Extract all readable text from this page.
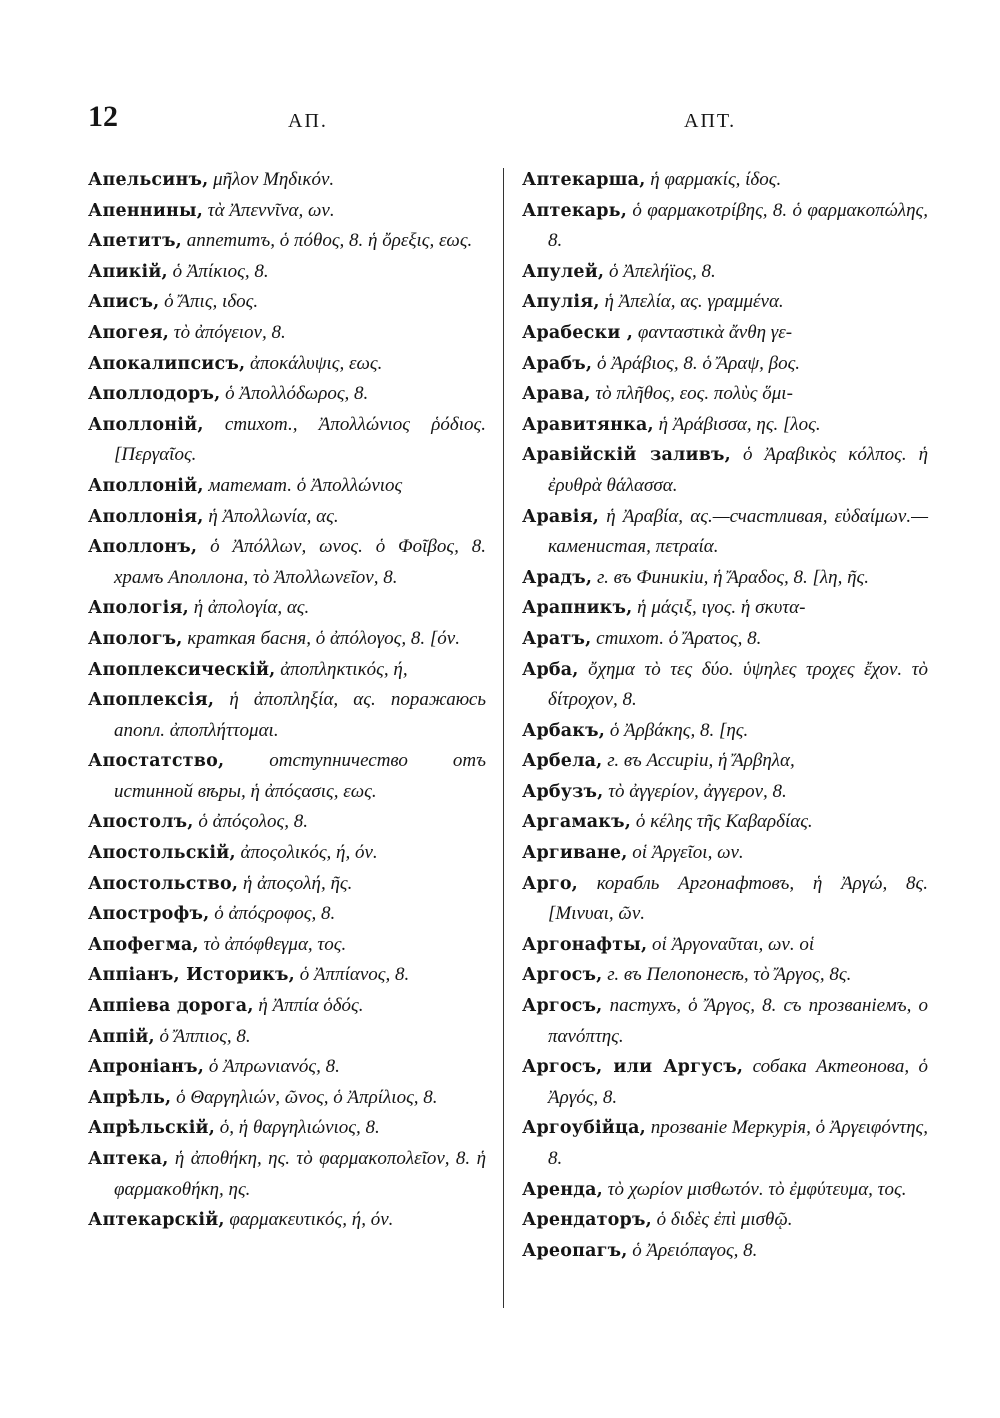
12	АП.	АПТ.

Апельсинъ, μῆλον Μηδικόν.

Апеннины, τὰ Ἀπεννῖνα, ων.

Апетитъ, аппетитъ, ὁ πόθος, 8. ἡ ὄρεξις, εως.

Апикій, ὁ Ἀπίκιος, 8.

Аписъ, ὁ Ἄπις, ιδος.

Апогея, τὸ ἀπόγειον, 8.

Апокалипсисъ, ἀποκάλυψις, εως.

Аполлодоръ, ὁ Ἀπολλόδωρος, 8.

Аполлоній, стихот., Ἀπολλώνιος ῥόδιος. [Περγαῖος.

Аполлоній, математ. ὁ Ἀπολλώνιος

Аполлонія, ἡ Ἀπολλωνία, ας.

Аполлонъ, ὁ Ἀπόλλων, ωνος. ὁ Φοῖβος, 8. храмъ Аполлона, τὸ Ἀπολλωνεῖον, 8.

Апологія, ἡ ἀπολογία, ας.

Апологъ, краткая басня, ὁ ἀπόλογος, 8. [όν.

Апоплексическій, ἀποπληκτικός, ή,

Апоплексія, ἡ ἀποπληξία, ας. поражаюсь апопл. ἀποπλήττομαι.

Апостатство, отступничество отъ истинной вѣры, ἡ ἀπόςασις, εως.

Апостолъ, ὁ ἀπόςολος, 8.

Апостольскій, ἀποςολικός, ή, όν.

Апостольство, ἡ ἀποςολή, ῆς.

Апострофъ, ὁ ἀπόςροφος, 8.

Апофегма, τὸ ἀπόφθεγμα, τος.

Аппіанъ, Историкъ, ὁ Ἀππίανος, 8.

Аппіева дорога, ἡ Ἀππία ὁδός.

Аппій, ὁ Ἄππιος, 8.

Апроніанъ, ὁ Ἀπρωνιανός, 8.

Апрѣль, ὁ Θαργηλιών, ῶνος, ὁ Ἀπρίλιος, 8.

Апрѣльскій, ὁ, ἡ θαργηλιώνιος, 8.

Аптека, ἡ ἀποθήκη, ης. τὸ φαρμακοπολεῖον, 8. ἡ φαρμακοθήκη, ης.

Аптекарскій, φαρμακευτικός, ή, όν.

Аптекарша, ἡ φαρμακίς, ίδος.

Аптекарь, ὁ φαρμακοτρίβης, 8. ὁ φαρμακοπώλης, 8.

Апулей, ὁ Ἀπελήϊος, 8.

Апулія, ἡ Ἀπελία, ας. γραμμένα.

Арабески , φανταστικὰ ἄνθη γε-

Арабъ, ὁ Ἀράβιος, 8. ὁ Ἄραψ, βος.

Арава, τὸ πλῆθος, εος. πολὺς ὅμι-

Аравитянка, ἡ Ἀράβισσα, ης. [λος.

Аравійскій заливъ, ὁ Ἀραβικὸς κόλπος. ἡ ἐρυθρὰ θάλασσα.

Аравія, ἡ Ἀραβία, ας.—счастливая, εὐδαίμων.—каменистая, πετραία.

Арадъ, г. въ Финикіи, ἡ Ἄραδος, 8. [λη, ῆς.

Арапникъ, ἡ μάςιξ, ιγος. ἡ σκυτα-

Аратъ, стихот. ὁ Ἄρατος, 8.

Арба, ὄχημα τὸ τες δύο. ὑψηλες τροχες ἔχον. τὸ δίτροχον, 8.

Арбакъ, ὁ Ἀρβάκης, 8. [ης.

Арбела, г. въ Ассиріи, ἡ Ἄρβηλα,

Арбузъ, τὸ ἀγγερίον, ἀγγερον, 8.

Аргамакъ, ὁ κέλης τῆς Καβαρδίας.

Аргиване, οἱ Ἀργεῖοι, ων.

Арго, корабль Аргонафтовъ, ἡ Ἀργώ, 8ς. [Μινυαι, ῶν.

Аргонафты, οἱ Ἀργοναῦται, ων. οἱ

Аргосъ, г. въ Пелопонесѣ, τὸ Ἄργος, 8ς.

Аргосъ, пастухъ, ὁ Ἄργος, 8. съ прозваніемъ, ο πανόπτης.

Аргосъ, или Аргусъ, собака Актеонова, ὁ Ἀργός, 8.

Аргоубійца, прозваніе Меркурія, ὁ Ἀργειφόντης, 8.

Аренда, τὸ χωρίον μισθωτόν. τὸ ἐμφύτευμα, τος.

Арендаторъ, ὁ διδὲς ἐπὶ μισθῷ.

Ареопагъ, ὁ Ἀρειόπαγος, 8.
